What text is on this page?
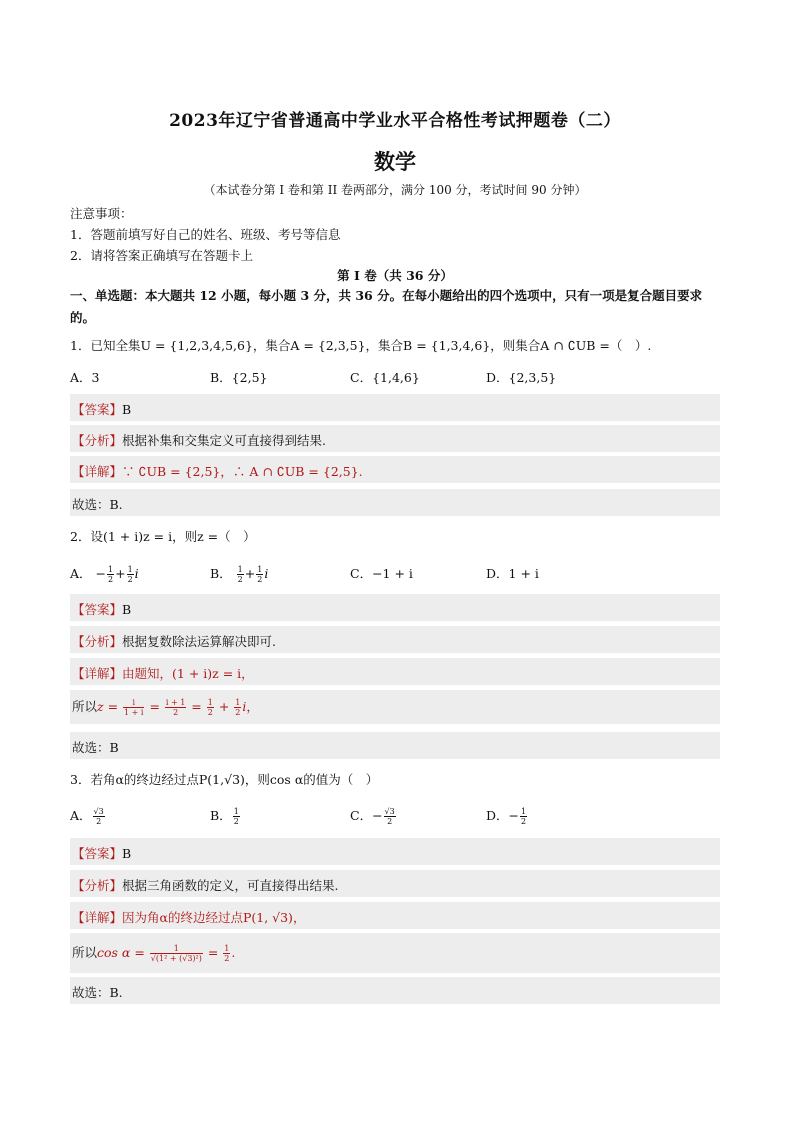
2023年辽宁省普通高中学业水平合格性考试押题卷（二）
数学
（本试卷分第 I 卷和第 II 卷两部分，满分 100 分，考试时间 90 分钟）
注意事项：
1．答题前填写好自己的姓名、班级、考号等信息
2．请将答案正确填写在答题卡上
第 I 卷（共 36 分）
一、单选题：本大题共 12 小题，每小题 3 分，共 36 分。在每小题给出的四个选项中，只有一项是复合题目要求的。
1．已知全集U = {1,2,3,4,5,6}，集合A = {2,3,5}，集合B = {1,3,4,6}，则集合A ∩ ∁UB =（　）.
A．3	B．{2,5}	C．{1,4,6}	D．{2,3,5}
【答案】B
【分析】根据补集和交集定义可直接得到结果.
【详解】∵ ∁UB = {2,5}，∴ A ∩ ∁UB = {2,5}.
故选：B.
2．设(1 + i)z = i，则z =（　）
A． − $\frac{1}{2} + \frac{1}{2}$ i	B． $\frac{1}{2} + \frac{1}{2}$ i	C．−1 + i	D．1 + i
【答案】B
【分析】根据复数除法运算解决即可.
【详解】由题知，(1 + i)z = i，
所以$z = \frac{i}{1 + i} = \frac{i + 1}{2} = \frac{1}{2} + \frac{1}{2}$ i，
故选：B
3．若角α的终边经过点P(1,√3)，则cos α的值为（　）
A． $\frac{√3}{2}$	B． $\frac{1}{2}$	C．− $\frac{√3}{2}$	D．− $\frac{1}{2}$
【答案】B
【分析】根据三角函数的定义，可直接得出结果.
【详解】因为角α的终边经过点P(1, √3)，
所以$\cos \alpha = \frac{1}{\text{√(1² + (√3)²)}} = \frac{1}{2}$ .
故选：B.
